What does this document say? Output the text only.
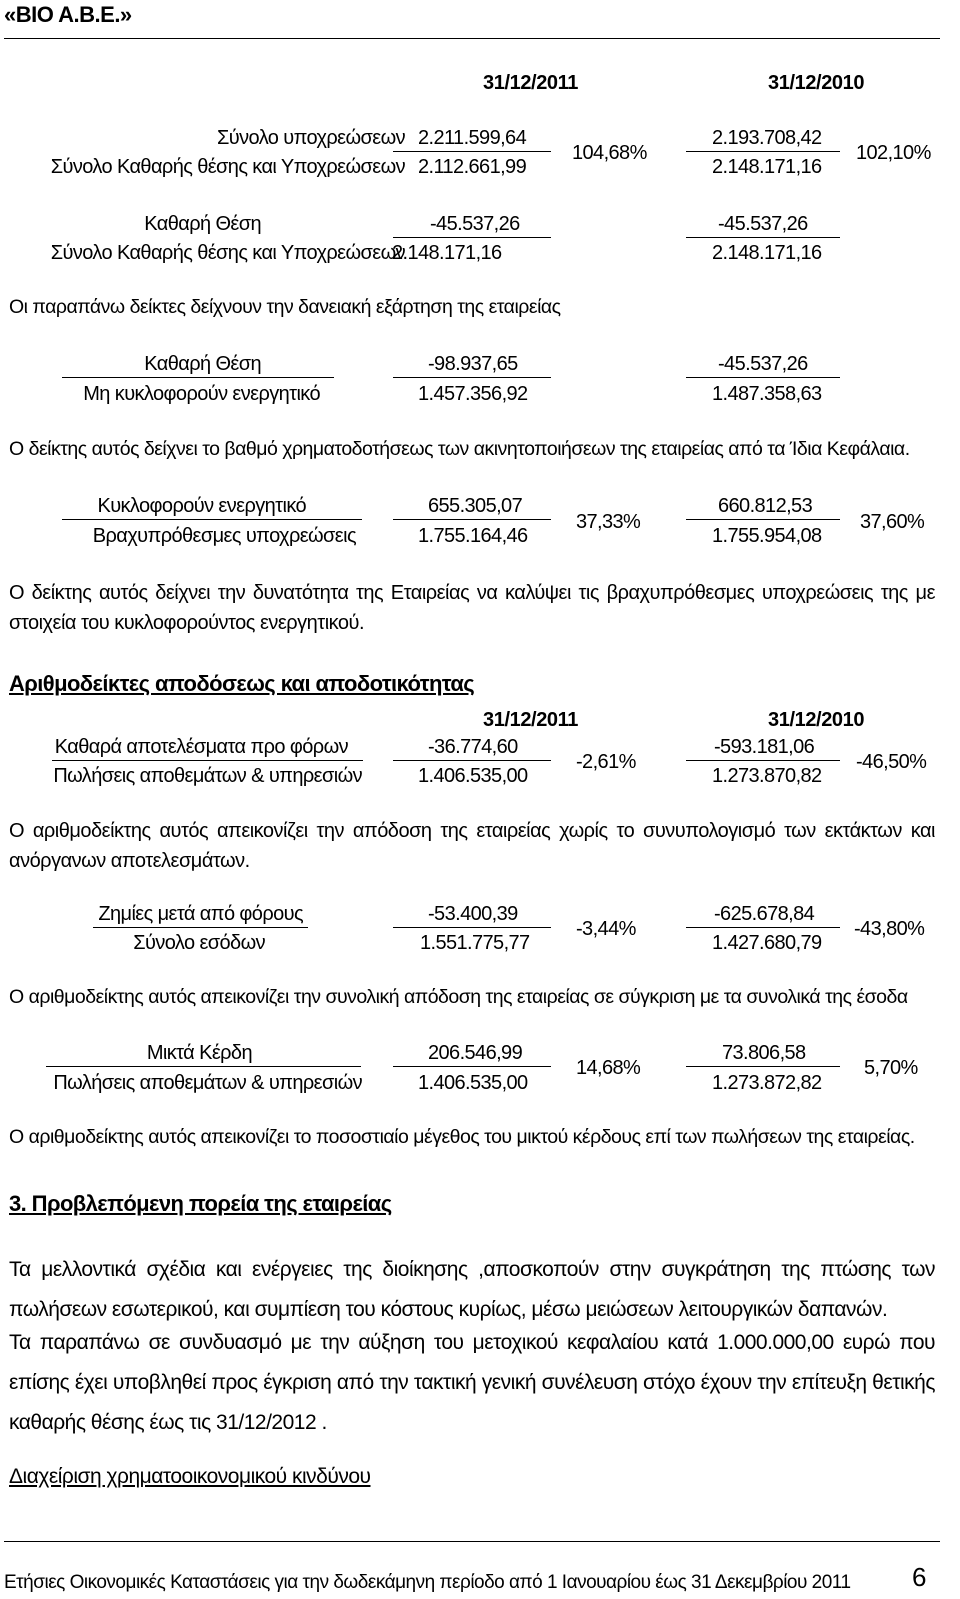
«ΒΙΟ Α.Β.Ε.»
31/12/2011	31/12/2010
Σύνολο υποχρεώσεων
Σύνολο Καθαρής θέσης και Υποχρεώσεων
2.211.599,64
2.112.661,99
104,68%
2.193.708,42
2.148.171,16
102,10%
Καθαρή Θέση
Σύνολο Καθαρής θέσης και Υποχρεώσεων
-45.537,26
2.148.171,16
-45.537,26
2.148.171,16
Οι παραπάνω δείκτες δείχνουν την δανειακή εξάρτηση της εταιρείας
Καθαρή Θέση
Μη κυκλοφορούν ενεργητικό
-98.937,65
1.457.356,92
-45.537,26
1.487.358,63
Ο δείκτης αυτός δείχνει το βαθμό χρηματοδοτήσεως των ακινητοποιήσεων της εταιρείας από τα Ίδια Κεφάλαια.
Κυκλοφορούν ενεργητικό
Βραχυπρόθεσμες υποχρεώσεις
655.305,07
1.755.164,46
37,33%
660.812,53
1.755.954,08
37,60%
Ο δείκτης αυτός δείχνει την δυνατότητα της Εταιρείας να καλύψει τις βραχυπρόθεσμες υποχρεώσεις της με στοιχεία του κυκλοφορούντος ενεργητικού.
Αριθμοδείκτες αποδόσεως και αποδοτικότητας
31/12/2011	31/12/2010
Καθαρά αποτελέσματα προ φόρων
Πωλήσεις αποθεμάτων & υπηρεσιών
-36.774,60
1.406.535,00
-2,61%
-593.181,06
1.273.870,82
-46,50%
Ο αριθμοδείκτης αυτός απεικονίζει την απόδοση της εταιρείας χωρίς το συνυπολογισμό των εκτάκτων και ανόργανων αποτελεσμάτων.
Ζημίες μετά από φόρους
Σύνολο εσόδων
-53.400,39
1.551.775,77
-3,44%
-625.678,84
1.427.680,79
-43,80%
Ο αριθμοδείκτης αυτός απεικονίζει την συνολική απόδοση της εταιρείας σε σύγκριση με τα συνολικά της έσοδα
Μικτά Κέρδη
Πωλήσεις αποθεμάτων & υπηρεσιών
206.546,99
1.406.535,00
14,68%
73.806,58
1.273.872,82
5,70%
Ο αριθμοδείκτης αυτός απεικονίζει το ποσοστιαίο μέγεθος του μικτού κέρδους επί των πωλήσεων της εταιρείας.
3. Προβλεπόμενη πορεία της εταιρείας
Τα μελλοντικά σχέδια και ενέργειες της διοίκησης ,αποσκοπούν στην συγκράτηση της πτώσης των πωλήσεων εσωτερικού, και συμπίεση του κόστους κυρίως, μέσω μειώσεων λειτουργικών δαπανών.
Τα παραπάνω σε συνδυασμό με την αύξηση του μετοχικού κεφαλαίου κατά 1.000.000,00 ευρώ που επίσης έχει υποβληθεί προς έγκριση από την τακτική γενική συνέλευση στόχο έχουν την επίτευξη θετικής καθαρής θέσης έως τις 31/12/2012 .
Διαχείριση χρηματοοικονομικού κινδύνου
Ετήσιες Οικονομικές Καταστάσεις για την δωδεκάμηνη περίοδο από 1 Ιανουαρίου έως 31 Δεκεμβρίου 2011 6
